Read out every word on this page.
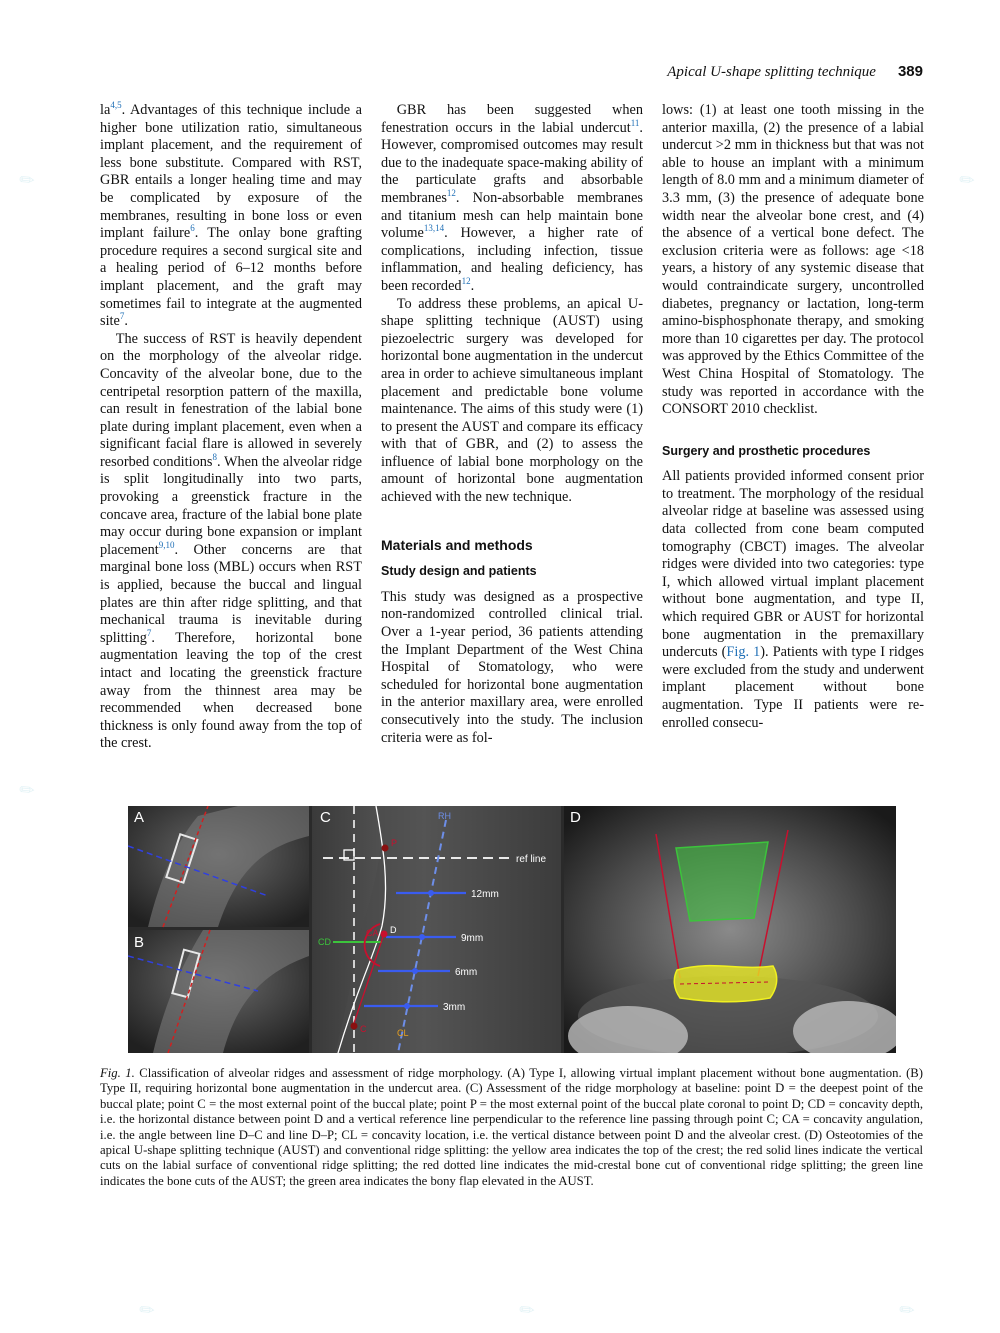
✎
✎
✎	✎	✎
✎
Apical U-shape splitting technique 389

la$^{4,5}$. Advantages of this technique include a higher bone utilization ratio, simultaneous implant placement, and the requirement of less bone substitute. Compared with RST, GBR entails a longer healing time and may be complicated by exposure of the membranes, resulting in bone loss or even implant failure$^6$. The onlay bone grafting procedure requires a second surgical site and a healing period of 6–12 months before implant placement, and the graft may sometimes fail to integrate at the augmented site$^7$.

The success of RST is heavily dependent on the morphology of the alveolar ridge. Concavity of the alveolar bone, due to the centripetal resorption pattern of the maxilla, can result in fenestration of the labial bone plate during implant placement, even when a significant facial flare is allowed in severely resorbed conditions$^8$. When the alveolar ridge is split longitudinally into two parts, provoking a greenstick fracture in the concave area, fracture of the labial bone plate may occur during bone expansion or implant placement$^{9,10}$. Other concerns are that marginal bone loss (MBL) occurs when RST is applied, because the buccal and lingual plates are thin after ridge splitting, and that mechanical trauma is inevitable during splitting$^7$. Therefore, horizontal bone augmentation leaving the top of the crest intact and locating the greenstick fracture away from the thinnest area may be recommended when decreased bone thickness is only found away from the top of the crest.

GBR has been suggested when fenestration occurs in the labial undercut$^{11}$. However, compromised outcomes may result due to the inadequate space-making ability of the particulate grafts and absorbable membranes$^{12}$. Non-absorbable membranes and titanium mesh can help maintain bone volume$^{13,14}$. However, a higher rate of complications, including infection, tissue inflammation, and healing deficiency, has been recorded$^{12}$.

To address these problems, an apical U-shape splitting technique (AUST) using piezoelectric surgery was developed for horizontal bone augmentation in the undercut area in order to achieve simultaneous implant placement and predictable bone volume maintenance. The aims of this study were (1) to present the AUST and compare its efficacy with that of GBR, and (2) to assess the influence of labial bone morphology on the amount of horizontal bone augmentation achieved with the new technique.

Materials and methods
Study design and patients

This study was designed as a prospective non-randomized controlled clinical trial. Over a 1-year period, 36 patients attending the Implant Department of the West China Hospital of Stomatology, who were scheduled for horizontal bone augmentation in the anterior maxillary area, were enrolled consecutively into the study. The inclusion criteria were as fol-

lows: (1) at least one tooth missing in the anterior maxilla, (2) the presence of a labial undercut >2 mm in thickness but that was not able to house an implant with a minimum length of 8.0 mm and a minimum diameter of 3.3 mm, (3) the presence of adequate bone width near the alveolar bone crest, and (4) the absence of a vertical bone defect. The exclusion criteria were as follows: age <18 years, a history of any systemic disease that would contraindicate surgery, uncontrolled diabetes, pregnancy or lactation, long-term amino-bisphosphonate therapy, and smoking more than 10 cigarettes per day. The protocol was approved by the Ethics Committee of the West China Hospital of Stomatology. The study was reported in accordance with the CONSORT 2010 checklist.

Surgery and prosthetic procedures

All patients provided informed consent prior to treatment. The morphology of the residual alveolar ridge at baseline was assessed using data collected from cone beam computed tomography (CBCT) images. The alveolar ridges were divided into two categories: type I, which allowed virtual implant placement without bone augmentation, and type II, which required GBR or AUST for horizontal bone augmentation in the premaxillary undercuts (Fig. 1). Patients with type I ridges were excluded from the study and underwent implant placement without bone augmentation. Type II patients were re-enrolled consecu-

A
B
ref line
RH
12mm
9mm
6mm
3mm
CD
CA D
P
C	CL
C	D
Fig. 1. Classification of alveolar ridges and assessment of ridge morphology. (A) Type I, allowing virtual implant placement without bone augmentation. (B) Type II, requiring horizontal bone augmentation in the undercut area. (C) Assessment of the ridge morphology at baseline: point D = the deepest point of the buccal plate; point C = the most external point of the buccal plate; point P = the most external point of the buccal plate coronal to point D; CD = concavity depth, i.e. the horizontal distance between point D and a vertical reference line perpendicular to the reference line passing through point C; CA = concavity angulation, i.e. the angle between line D–C and line D–P; CL = concavity location, i.e. the vertical distance between point D and the alveolar crest. (D) Osteotomies of the apical U-shape splitting technique (AUST) and conventional ridge splitting: the yellow area indicates the top of the crest; the red solid lines indicate the vertical cuts on the labial surface of conventional ridge splitting; the red dotted line indicates the mid-crestal bone cut of conventional ridge splitting; the green line indicates the bone cuts of the AUST; the green area indicates the bony flap elevated in the AUST.
